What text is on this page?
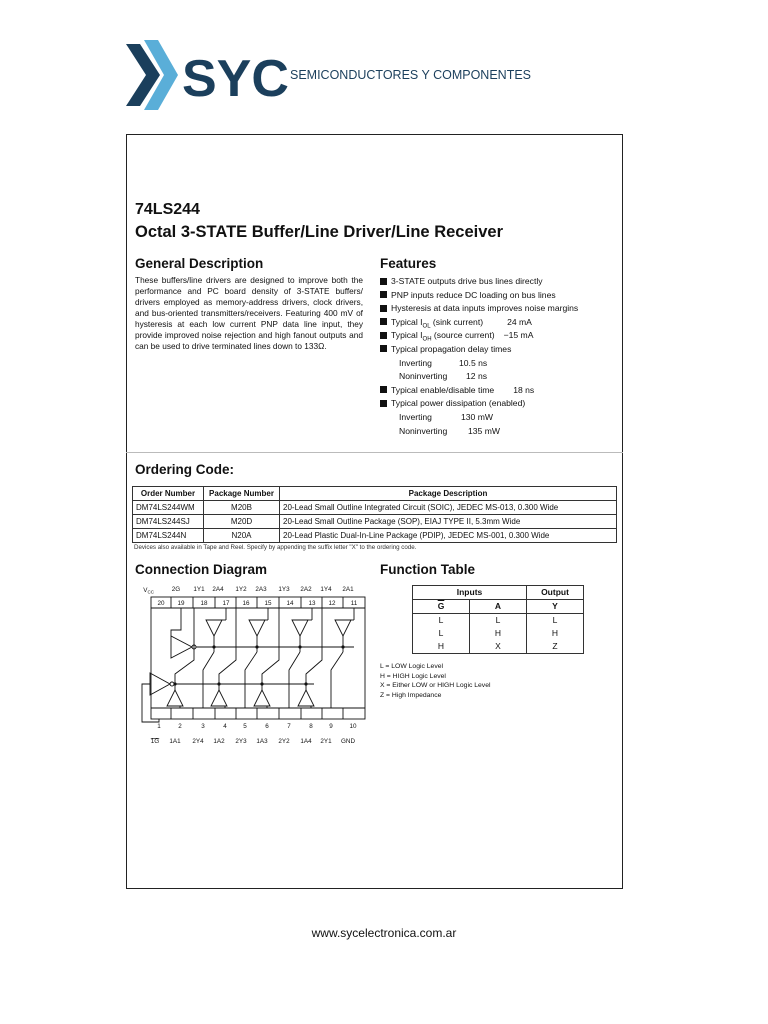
SYC SEMICONDUCTORES Y COMPONENTES
74LS244
Octal 3-STATE Buffer/Line Driver/Line Receiver
General Description
These buffers/line drivers are designed to improve both the performance and PC board density of 3-STATE buffers/ drivers employed as memory-address drivers, clock drivers, and bus-oriented transmitters/receivers. Featuring 400 mV of hysteresis at each low current PNP data line input, they provide improved noise rejection and high fanout outputs and can be used to drive terminated lines down to 133Ω.
Features
3-STATE outputs drive bus lines directly
PNP inputs reduce DC loading on bus lines
Hysteresis at data inputs improves noise margins
Typical $I_{OL}$ (sink current)	24 mA
Typical $I_{OH}$ (source current) −15 mA
Typical propagation delay times
Inverting	10.5 ns
Noninverting 12 ns
Typical enable/disable time 18 ns
Typical power dissipation (enabled)
Inverting	130 mW
Noninverting 135 mW
Ordering Code:
Order Number	Package Number	Package Description
DM74LS244WM	M20B	20-Lead Small Outline Integrated Circuit (SOIC), JEDEC MS-013, 0.300 Wide
DM74LS244SJ	M20D	20-Lead Small Outline Package (SOP), EIAJ TYPE II, 5.3mm Wide
DM74LS244N	N20A	20-Lead Plastic Dual-In-Line Package (PDIP), JEDEC MS-001, 0.300 Wide
Devices also available in Tape and Reel. Specify by appending the suffix letter "X" to the ordering code.
Connection Diagram
$V_{CC}$	2G 1Y1 2A4 1Y2 2A3 1Y3 2A2 1Y4 2A1
20 19	18 17 16 15 14 13 12 11
1	2	3	4	5	6	7	8	9	10
1G 1A1 2Y4 1A2 2Y3 1A3 2Y2 1A4 2Y1 GND
Function Table
Inputs		Output
$\overline{G}$	A	Y
L	L	L
L	H	H
H	X	Z
L = LOW Logic Level
H = HIGH Logic Level
X = Either LOW or HIGH Logic Level
Z = High Impedance
www.sycelectronica.com.ar
